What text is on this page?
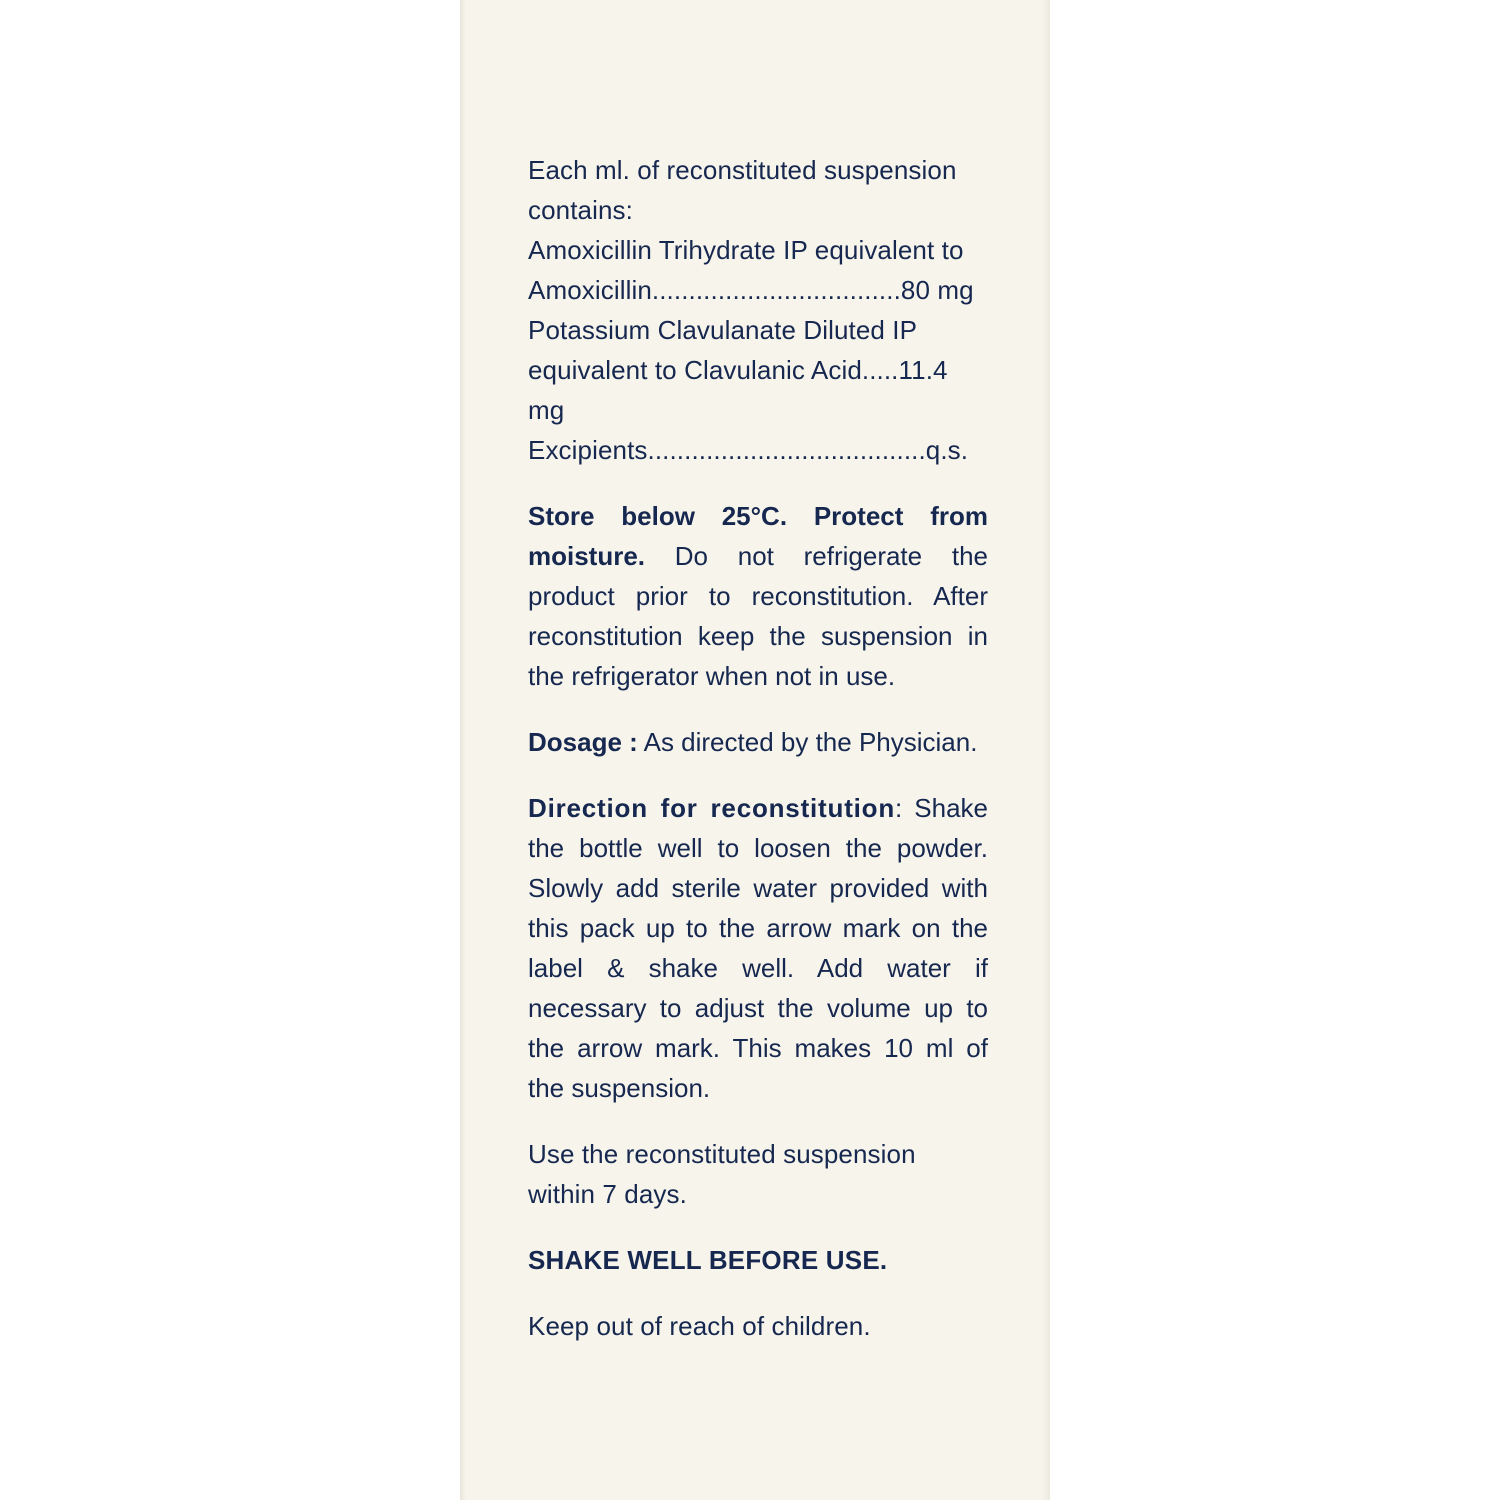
Each ml. of reconstituted suspension
contains:
Amoxicillin Trihydrate IP equivalent to
Amoxicillin..................................80 mg
Potassium Clavulanate Diluted IP
equivalent to Clavulanic Acid.....11.4 mg
Excipients......................................q.s.

Store below 25°C. Protect from moisture. Do not refrigerate the product prior to reconstitution. After reconstitution keep the suspension in the refrigerator when not in use.

Dosage : As directed by the Physician.

Direction for reconstitution: Shake the bottle well to loosen the powder. Slowly add sterile water provided with this pack up to the arrow mark on the label & shake well. Add water if necessary to adjust the volume up to the arrow mark. This makes 10 ml of the suspension.

Use the reconstituted suspension
within 7 days.
SHAKE WELL BEFORE USE.
Keep out of reach of children.
